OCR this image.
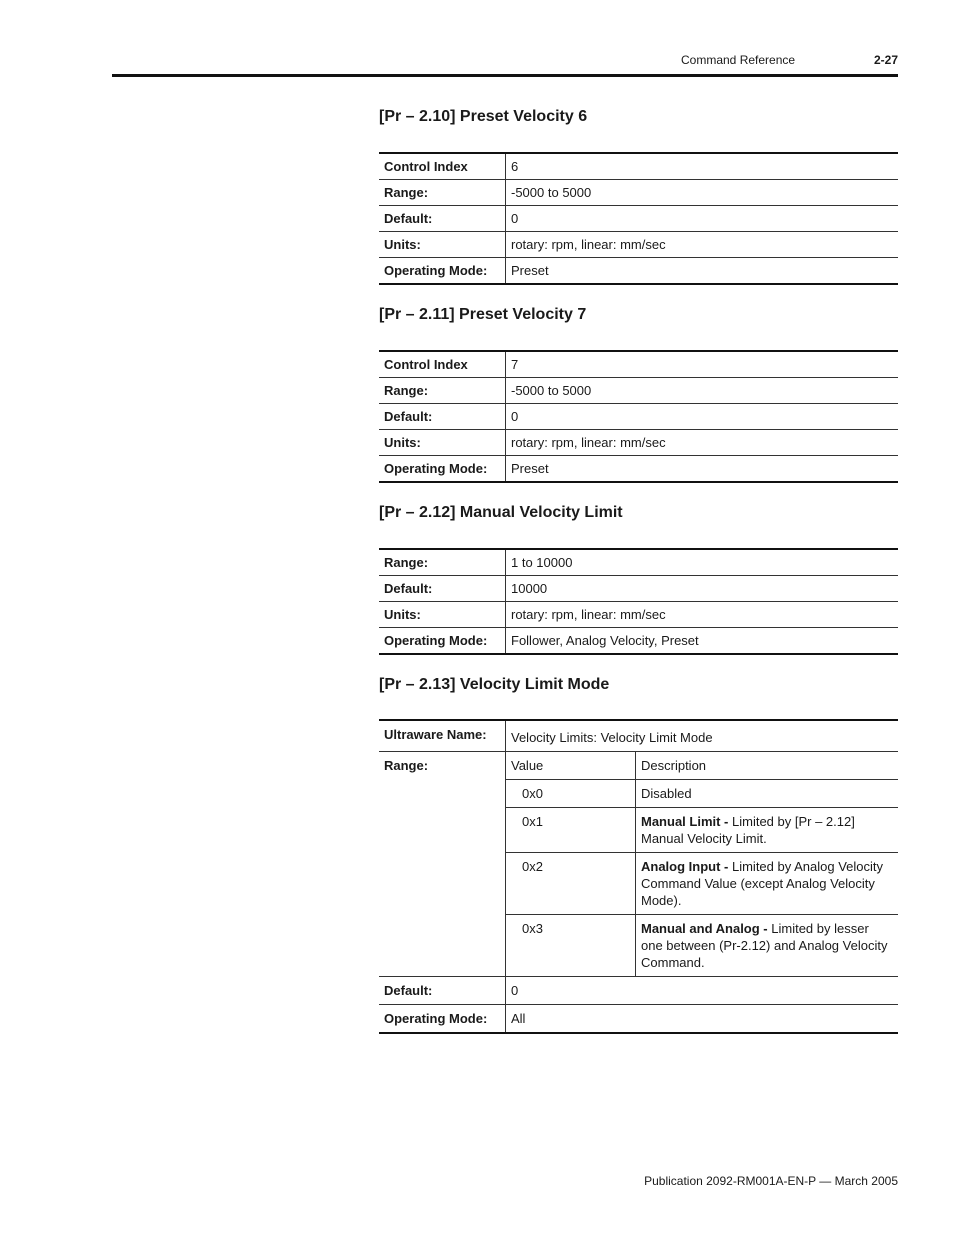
Command Reference	2-27
[Pr – 2.10] Preset Velocity 6
Control Index	6
Range:	-5000 to 5000
Default:	0
Units:	rotary: rpm, linear: mm/sec
Operating Mode:	Preset
[Pr – 2.11] Preset Velocity 7
Control Index	7
Range:	-5000 to 5000
Default:	0
Units:	rotary: rpm, linear: mm/sec
Operating Mode:	Preset
[Pr – 2.12] Manual Velocity Limit
Range:	1 to 10000
Default:	10000
Units:	rotary: rpm, linear: mm/sec
Operating Mode:	Follower, Analog Velocity, Preset
[Pr – 2.13] Velocity Limit Mode
Ultraware Name:	Velocity Limits: Velocity Limit Mode	
Range:	Value	Description
	0x0	Disabled
	0x1	Manual Limit - Limited by [Pr – 2.12] Manual Velocity Limit.
	0x2	Analog Input - Limited by Analog Velocity Command Value (except Analog Velocity Mode).
	0x3	Manual and Analog - Limited by lesser one between (Pr-2.12) and Analog Velocity Command.
Default:	0	
Operating Mode:	All	
Publication 2092-RM001A-EN-P — March 2005
